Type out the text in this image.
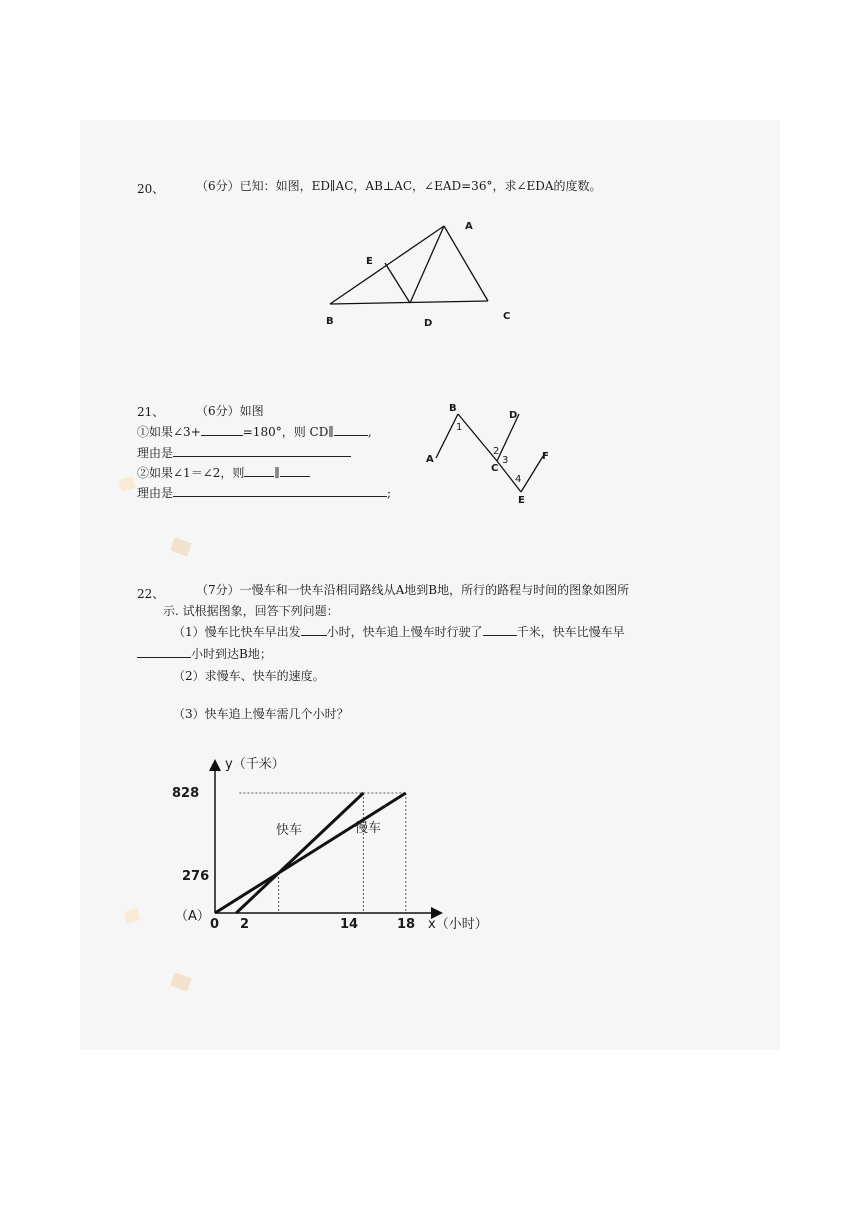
20、	（6分）已知：如图，ED∥AC，AB⊥AC，∠EAD=36°，求∠EDA的度数。
A
E
B	D
C
21、	（6分）如图
①如果∠3+	=180°，则 CD∥	,
理由是
②如果∠1＝∠2，则	∥
理由是	;
B
D
A
C
F
E
1
2
3
4
22、	（7分）一慢车和一快车沿相同路线从A地到B地，所行的路程与时间的图象如图所
示. 试根据图象，回答下列问题：
（1）慢车比快车早出发 小时，快车追上慢车时行驶了	千米，快车比慢车早
小时到达B地；
（2）求慢车、快车的速度。
（3）快车追上慢车需几个小时？
y（千米）
x（小时）
（A）
828
276
0 2	14	18
快车	慢车
